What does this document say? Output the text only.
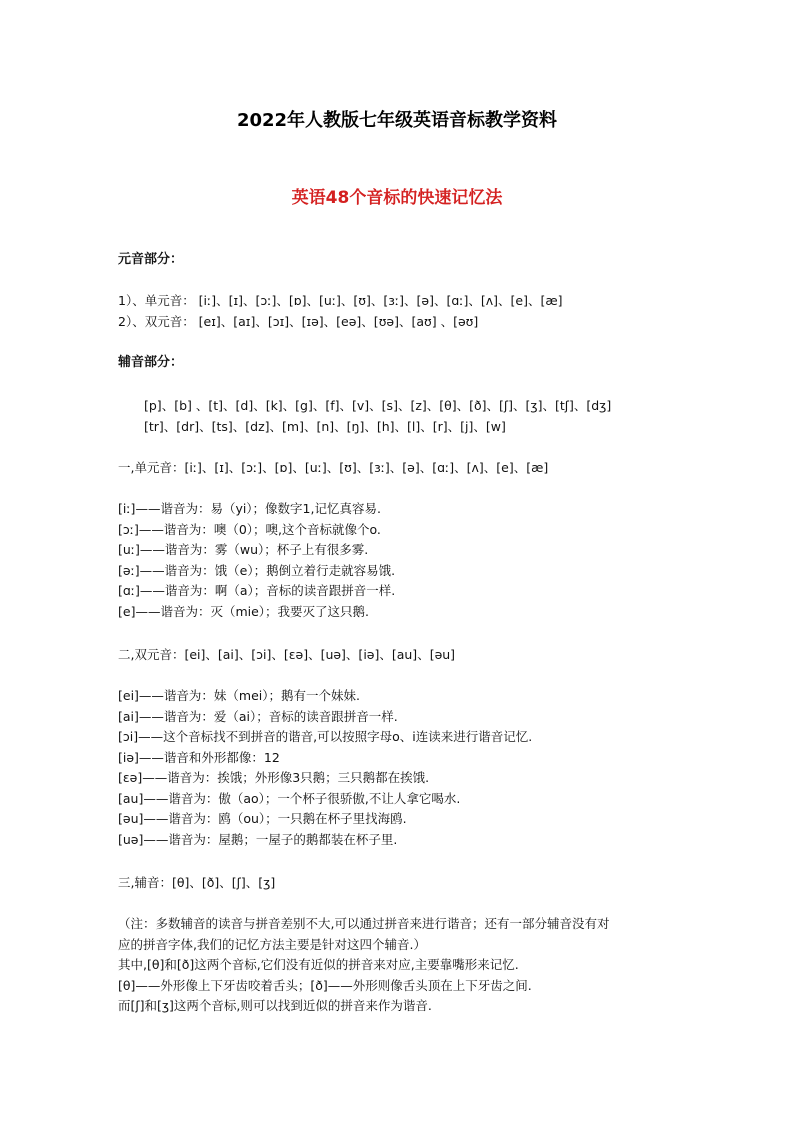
2022年人教版七年级英语音标教学资料
英语48个音标的快速记忆法
元音部分：
1）、单元音： [iː]、[ɪ]、[ɔː]、[ɒ]、[uː]、[ʊ]、[ɜː]、[ə]、[ɑː]、[ʌ]、[e]、[æ]
2）、双元音： [eɪ]、[aɪ]、[ɔɪ]、[ɪə]、[eə]、[ʊə]、[aʊ] 、[əʊ]
辅音部分：
[p]、[b] 、[t]、[d]、[k]、[g]、[f]、[v]、[s]、[z]、[θ]、[ð]、[ʃ]、[ʒ]、[tʃ]、[dʒ]
[tr]、[dr]、[ts]、[dz]、[m]、[n]、[ŋ]、[h]、[l]、[r]、[j]、[w]
一,单元音：[iː]、[ɪ]、[ɔː]、[ɒ]、[uː]、[ʊ]、[ɜː]、[ə]、[ɑː]、[ʌ]、[e]、[æ]
[iː]——谐音为：易（yi）；像数字1,记忆真容易.
[ɔː]——谐音为：噢（0）；噢,这个音标就像个o.
[uː]——谐音为：雾（wu）；杯子上有很多雾.
[əː]——谐音为：饿（e）；鹅倒立着行走就容易饿.
[ɑː]——谐音为：啊（a）；音标的读音跟拼音一样.
[e]——谐音为：灭（mie）；我要灭了这只鹅.
二,双元音：[ei]、[ai]、[ɔi]、[ɛə]、[uə]、[iə]、[au]、[əu]
[ei]——谐音为：妹（mei）；鹅有一个妹妹.
[ai]——谐音为：爱（ai）；音标的读音跟拼音一样.
[ɔi]——这个音标找不到拼音的谐音,可以按照字母o、i连读来进行谐音记忆.
[iə]——谐音和外形都像：12
[ɛə]——谐音为：挨饿；外形像3只鹅；三只鹅都在挨饿.
[au]——谐音为：傲（ao）；一个杯子很骄傲,不让人拿它喝水.
[əu]——谐音为：鸥（ou）；一只鹅在杯子里找海鸥.
[uə]——谐音为：屋鹅；一屋子的鹅都装在杯子里.
三,辅音：[θ]、[ð]、[ʃ]、[ʒ]
（注：多数辅音的读音与拼音差别不大,可以通过拼音来进行谐音；还有一部分辅音没有对
应的拼音字体,我们的记忆方法主要是针对这四个辅音.）
其中,[θ]和[ð]这两个音标,它们没有近似的拼音来对应,主要靠嘴形来记忆.
[θ]——外形像上下牙齿咬着舌头；[ð]——外形则像舌头顶在上下牙齿之间.
而[ʃ]和[ʒ]这两个音标,则可以找到近似的拼音来作为谐音.
